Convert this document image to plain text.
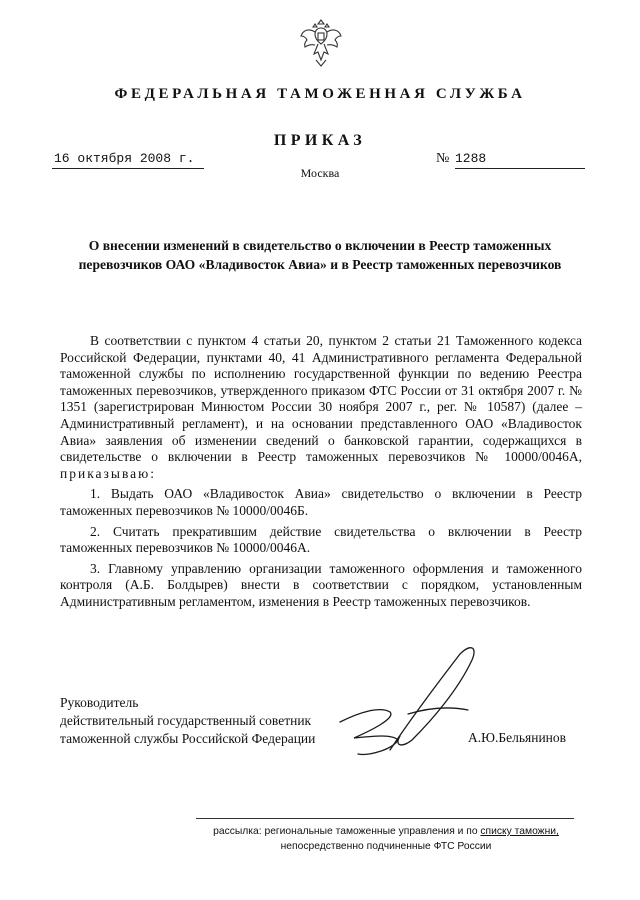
ФЕДЕРАЛЬНАЯ ТАМОЖЕННАЯ СЛУЖБА
ПРИКАЗ
16 октября 2008 г.	№ 1288
Москва
О внесении изменений в свидетельство о включении в Реестр таможенных
перевозчиков ОАО «Владивосток Авиа» и в Реестр таможенных перевозчиков

В соответствии с пунктом 4 статьи 20, пунктом 2 статьи 21 Таможенного кодекса Российской Федерации, пунктами 40, 41 Административного регламента Федеральной таможенной службы по исполнению государственной функции по ведению Реестра таможенных перевозчиков, утвержденного приказом ФТС России от 31 октября 2007 г. № 1351 (зарегистрирован Минюстом России 30 ноября 2007 г., рег. № 10587) (далее – Административный регламент), и на основании представленного ОАО «Владивосток Авиа» заявления об изменении сведений о банковской гарантии, содержащихся в свидетельстве о включении в Реестр таможенных перевозчиков № 10000/0046А, приказываю:

1. Выдать ОАО «Владивосток Авиа» свидетельство о включении в Реестр таможенных перевозчиков № 10000/0046Б.

2. Считать прекратившим действие свидетельства о включении в Реестр таможенных перевозчиков № 10000/0046А.

3. Главному управлению организации таможенного оформления и таможенного контроля (А.Б. Болдырев) внести в соответствии с порядком, установленным Административным регламентом, изменения в Реестр таможенных перевозчиков.

Руководитель
действительный государственный советник
таможенной службы Российской Федерации	А.Ю.Бельянинов
рассылка: региональные таможенные управления и по списку таможни,
непосредственно подчиненные ФТС России
